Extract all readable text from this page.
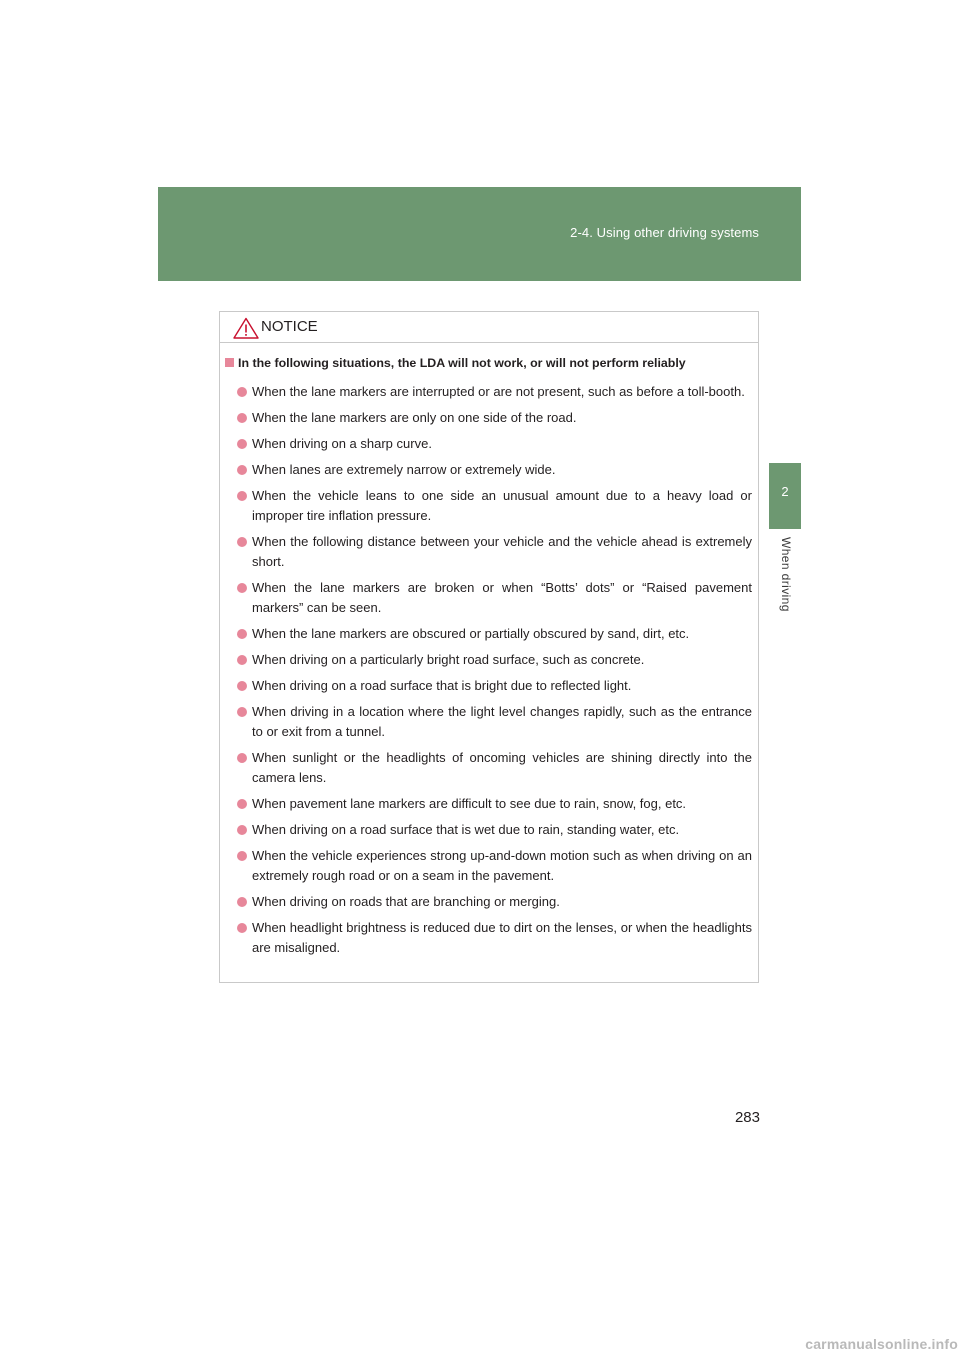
2-4. Using other driving systems
2
When driving
NOTICE
In the following situations, the LDA will not work, or will not perform reliably
When the lane markers are interrupted or are not present, such as before a toll-booth.
When the lane markers are only on one side of the road.
When driving on a sharp curve.
When lanes are extremely narrow or extremely wide.
When the vehicle leans to one side an unusual amount due to a heavy load or improper tire inflation pressure.
When the following distance between your vehicle and the vehicle ahead is extremely short.
When the lane markers are broken or when “Botts’ dots” or “Raised pavement markers” can be seen.
When the lane markers are obscured or partially obscured by sand, dirt, etc.
When driving on a particularly bright road surface, such as concrete.
When driving on a road surface that is bright due to reflected light.
When driving in a location where the light level changes rapidly, such as the entrance to or exit from a tunnel.
When sunlight or the headlights of oncoming vehicles are shining directly into the camera lens.
When pavement lane markers are difficult to see due to rain, snow, fog, etc.
When driving on a road surface that is wet due to rain, standing water, etc.
When the vehicle experiences strong up-and-down motion such as when driving on an extremely rough road or on a seam in the pavement.
When driving on roads that are branching or merging.
When headlight brightness is reduced due to dirt on the lenses, or when the headlights are misaligned.
283
carmanualsonline.info
